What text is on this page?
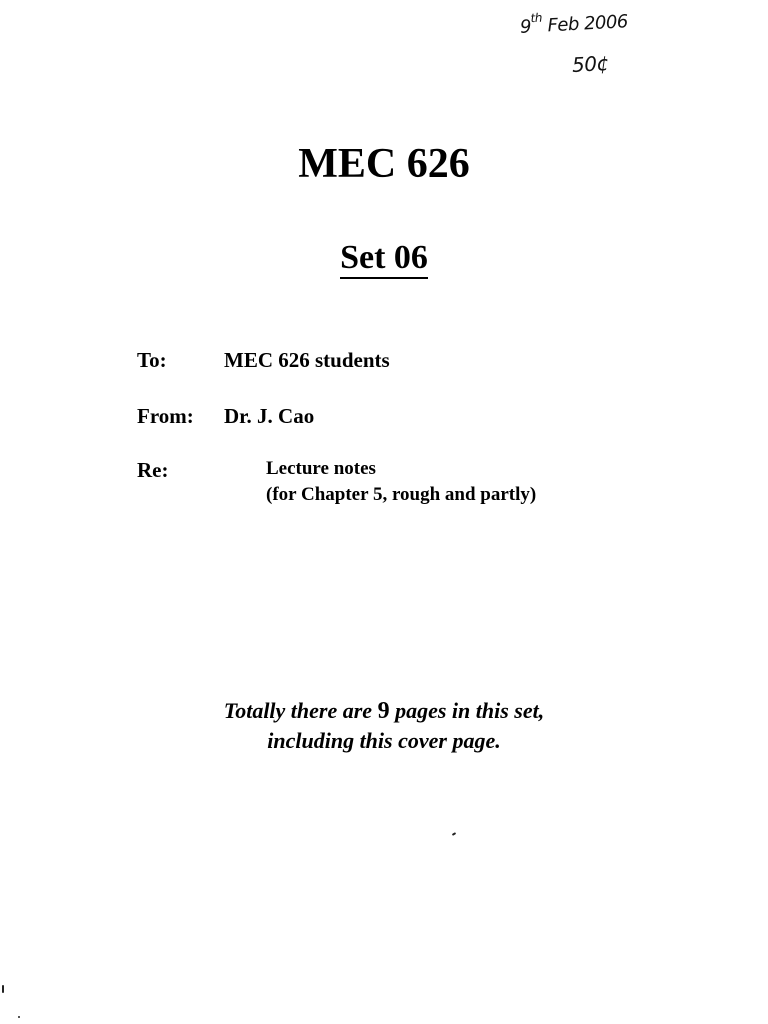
9th Feb 2006
50¢
MEC 626
Set 06
To:	MEC 626 students
From: Dr. J. Cao
Re:	Lecture notes
(for Chapter 5, rough and partly)
Totally there are 9 pages in this set,
including this cover page.
